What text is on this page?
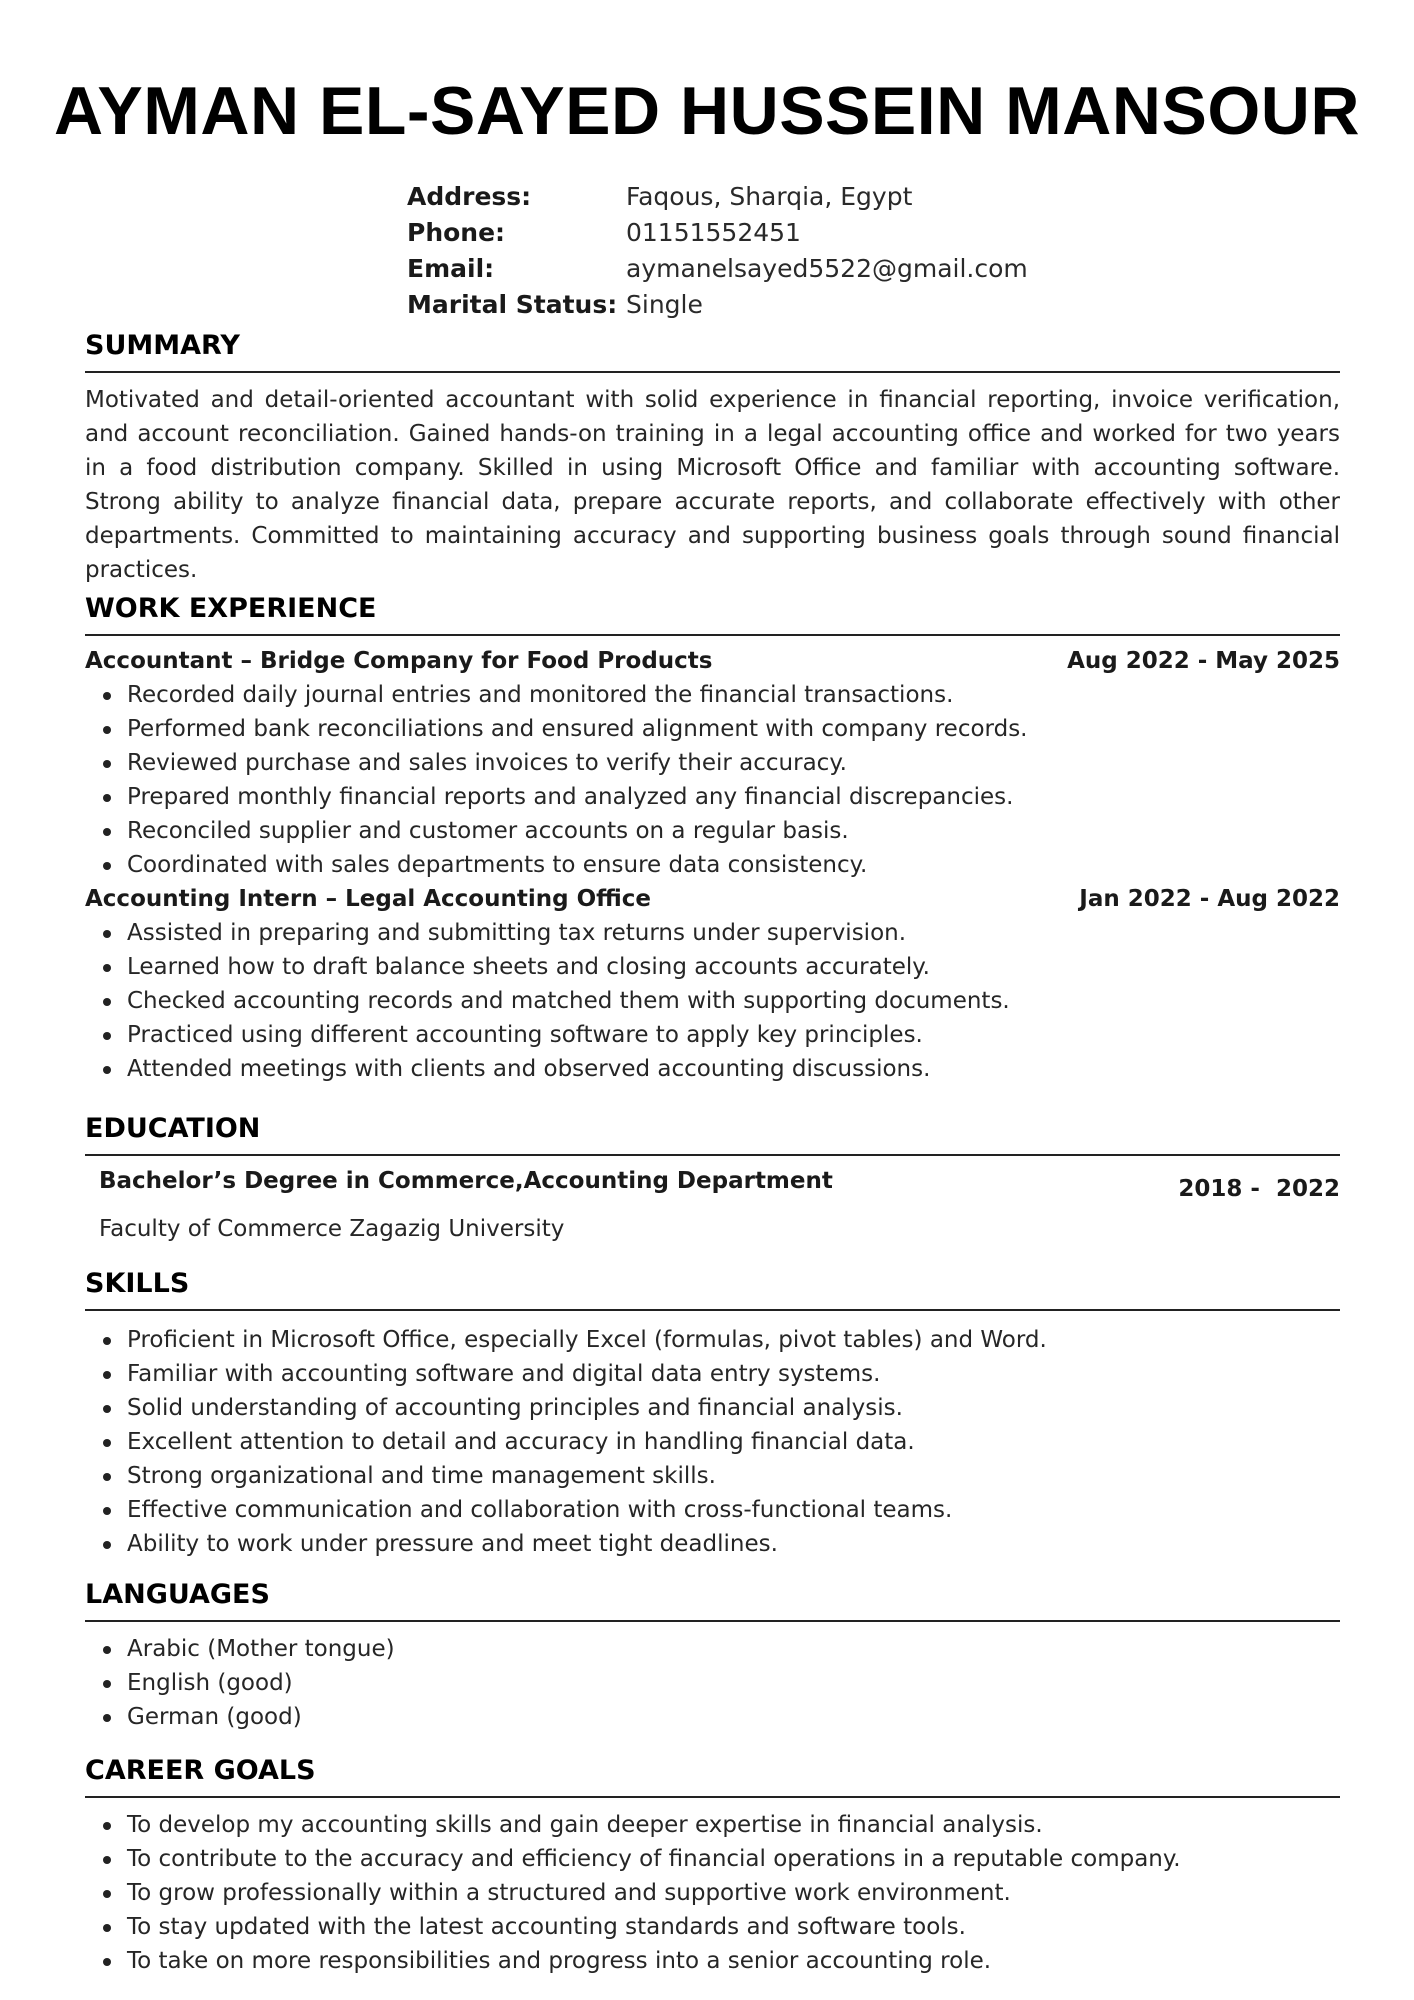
AYMAN EL-SAYED HUSSEIN MANSOUR
Address:	Faqous, Sharqia, Egypt
Phone:	01151552451
Email:	aymanelsayed5522@gmail.com
Marital Status: Single
SUMMARY

Motivated and detail-oriented accountant with solid experience in financial reporting, invoice verification, and account reconciliation. Gained hands-on training in a legal accounting office and worked for two years in a food distribution company. Skilled in using Microsoft Office and familiar with accounting software. Strong ability to analyze financial data, prepare accurate reports, and collaborate effectively with other departments. Committed to maintaining accuracy and supporting business goals through sound financial practices.

WORK EXPERIENCE
Accountant – Bridge Company for Food Products	Aug 2022 - May 2025
Recorded daily journal entries and monitored the financial transactions.
Performed bank reconciliations and ensured alignment with company records.
Reviewed purchase and sales invoices to verify their accuracy.
Prepared monthly financial reports and analyzed any financial discrepancies.
Reconciled supplier and customer accounts on a regular basis.
Coordinated with sales departments to ensure data consistency.
Accounting Intern – Legal Accounting Office	Jan 2022 - Aug 2022
Assisted in preparing and submitting tax returns under supervision.
Learned how to draft balance sheets and closing accounts accurately.
Checked accounting records and matched them with supporting documents.
Practiced using different accounting software to apply key principles.
Attended meetings with clients and observed accounting discussions.
EDUCATION
Bachelor’s Degree in Commerce,Accounting Department	2018 -  2022
Faculty of Commerce Zagazig University
SKILLS
Proficient in Microsoft Office, especially Excel (formulas, pivot tables) and Word.
Familiar with accounting software and digital data entry systems.
Solid understanding of accounting principles and financial analysis.
Excellent attention to detail and accuracy in handling financial data.
Strong organizational and time management skills.
Effective communication and collaboration with cross-functional teams.
Ability to work under pressure and meet tight deadlines.
LANGUAGES
Arabic (Mother tongue)
English (good)
German (good)
CAREER GOALS
To develop my accounting skills and gain deeper expertise in financial analysis.
To contribute to the accuracy and efficiency of financial operations in a reputable company.
To grow professionally within a structured and supportive work environment.
To stay updated with the latest accounting standards and software tools.
To take on more responsibilities and progress into a senior accounting role.
